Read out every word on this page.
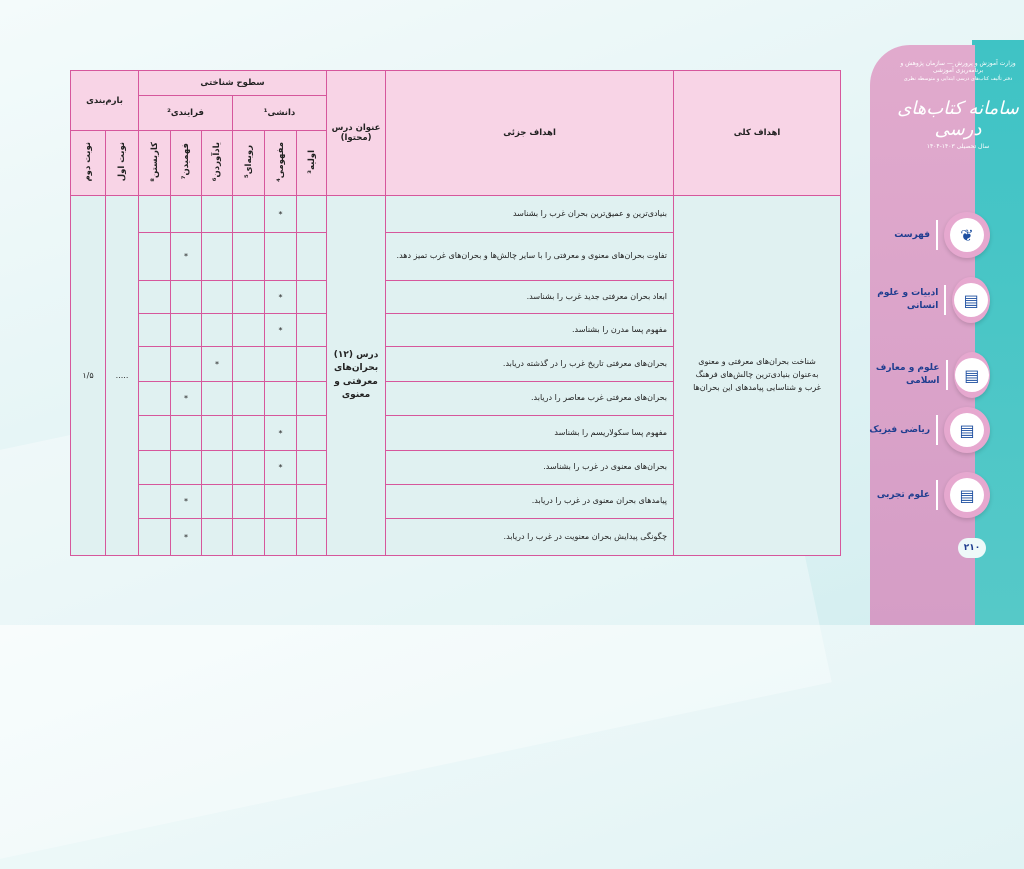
اهداف کلی	اهداف جزئی	عنوان درس (محتوا)	سطوح شناختی						بارم‌بندی	
			دانشی¹			فرایندی²				
			اولیه³	مفهومی⁴	رویه‌ای⁵	یادآوردن⁶	فهمیدن⁷	کاربستن⁸	نوبت اول	نوبت دوم
شناخت بحران‌های معرفتی و معنوی به‌عنوان بنیادی‌ترین چالش‌های فرهنگ غرب و شناسایی پیامدهای این بحران‌ها	بنیادی‌ترین و عمیق‌ترین بحران غرب را بشناسد	درس (۱۲) بحران‌های معرفتی و معنوی		*					.....	۱/۵
	تفاوت بحران‌های معنوی و معرفتی را با سایر چالش‌ها و بحران‌های غرب تمیز دهد.						*			
	ابعاد بحران معرفتی جدید غرب را بشناسد.			*						
	مفهوم پسا مدرن را بشناسد.			*						
	بحران‌های معرفتی تاریخ غرب را در گذشته دریابد.					*				
	بحران‌های معرفتی غرب معاصر را دریابد.						*			
	مفهوم پسا سکولاریسم را بشناسد			*						
	بحران‌های معنوی در غرب را بشناسد.			*						
	پیامدهای بحران معنوی در غرب را دریابد.						*			
	چگونگی پیدایش بحران معنویت در غرب را دریابد.						*			
وزارت آموزش و پرورش — سازمان پژوهش و برنامه‌ریزی آموزشی
دفتر تألیف کتاب‌های درسی ابتدایی و متوسطه نظری
سامانه کتاب‌های درسی
سال تحصیلی ۱۴۰۳-۱۴۰۴
فهرست	❦
ادبیات و علوم انسانی	▤
علوم و معارف اسلامی	▤
ریاضی فیزیک	▤
علوم تجربی	▤
۲۱۰
